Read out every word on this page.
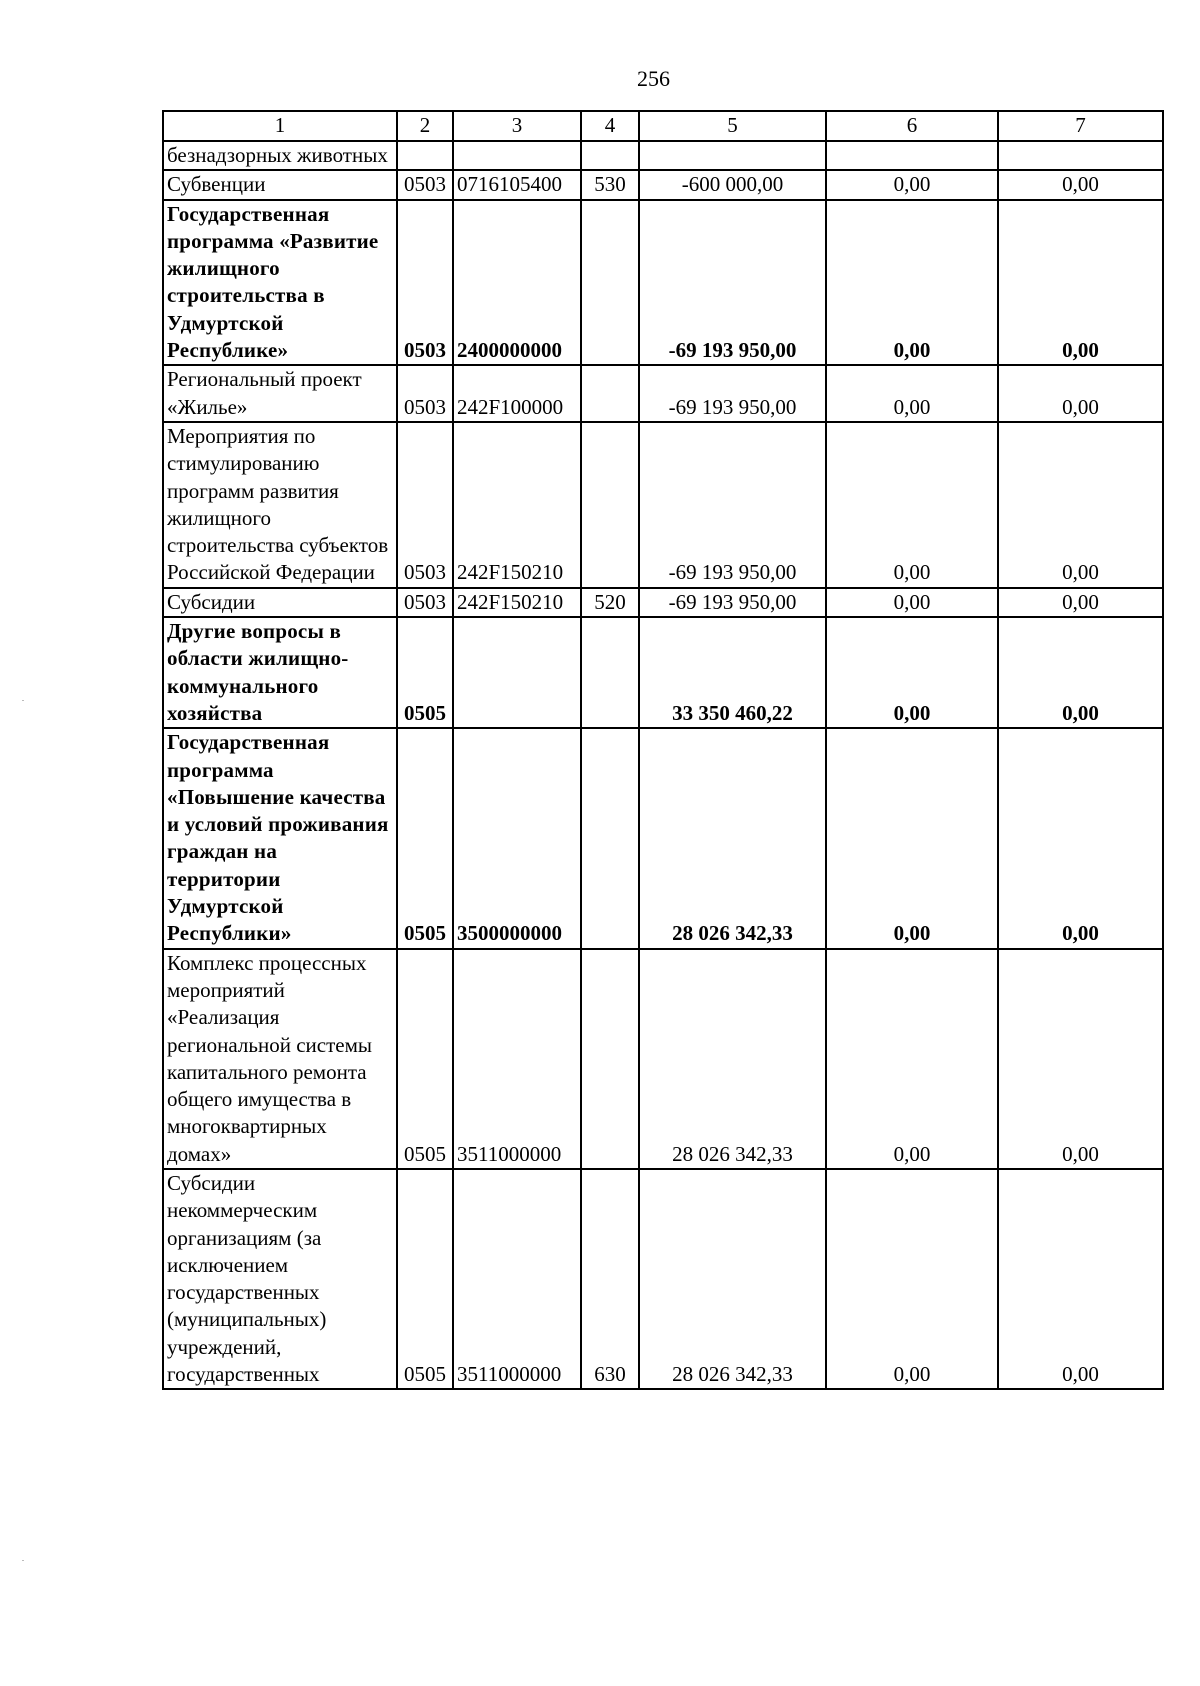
256
1	2	3	4	5	6	7
безнадзорных животных						
Субвенции	0503	0716105400	530	-600 000,00	0,00	0,00
Государственная программа «Развитие жилищного строительства в Удмуртской Республике»	0503	2400000000		-69 193 950,00	0,00	0,00
Региональный проект «Жилье»	0503	242F100000		-69 193 950,00	0,00	0,00
Мероприятия по стимулированию программ развития жилищного строительства субъектов Российской Федерации	0503	242F150210		-69 193 950,00	0,00	0,00
Субсидии	0503	242F150210	520	-69 193 950,00	0,00	0,00
Другие вопросы в области жилищно-коммунального хозяйства	0505			33 350 460,22	0,00	0,00
Государственная программа «Повышение качества и условий проживания граждан на территории Удмуртской Республики»	0505	3500000000		28 026 342,33	0,00	0,00
Комплекс процессных мероприятий «Реализация региональной системы капитального ремонта общего имущества в многоквартирных домах»	0505	3511000000		28 026 342,33	0,00	0,00
Субсидии некоммерческим организациям (за исключением государственных (муниципальных) учреждений, государственных	0505	3511000000	630	28 026 342,33	0,00	0,00
